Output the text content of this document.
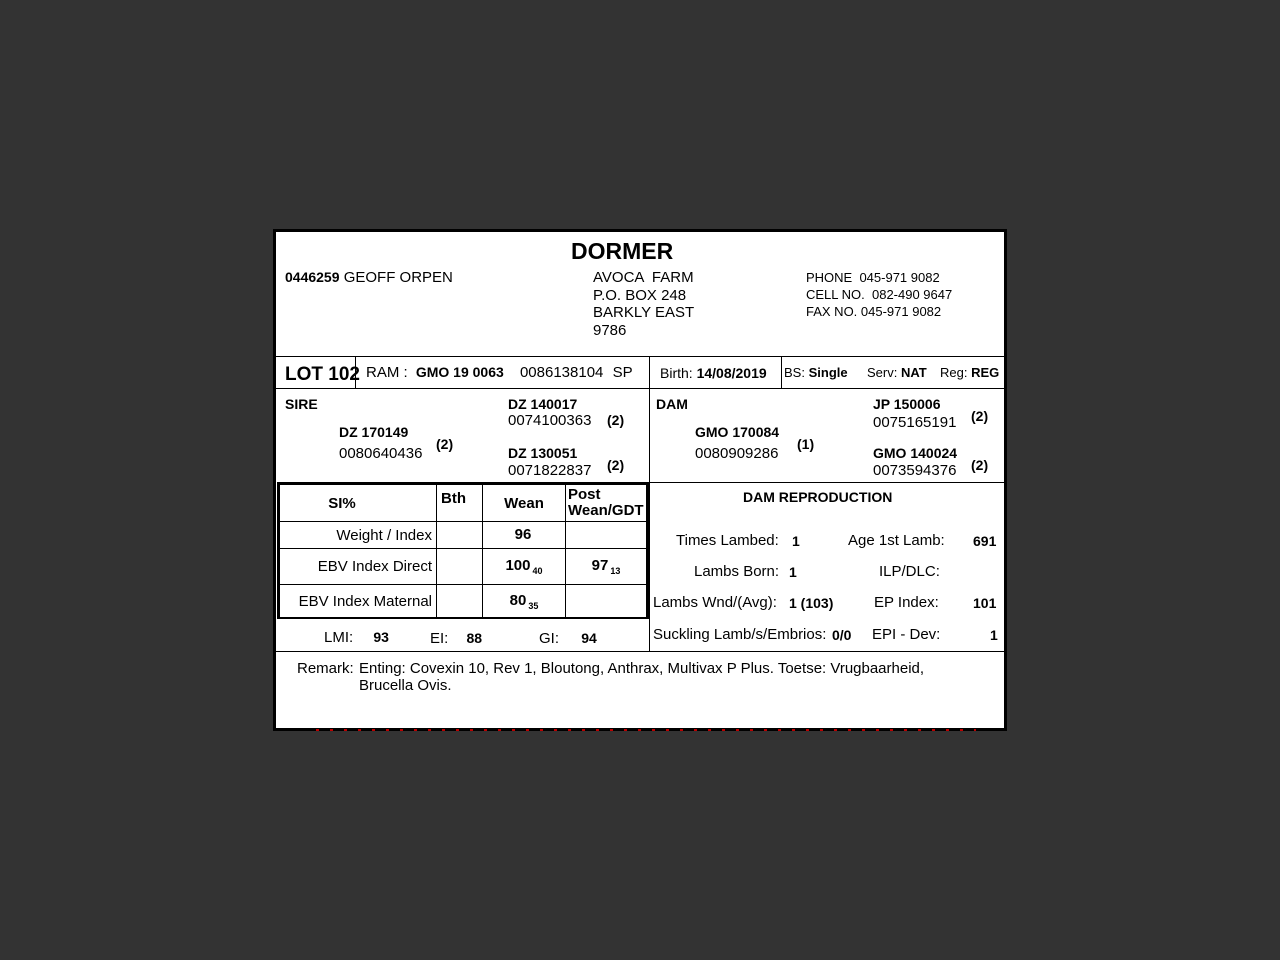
DORMER
0446259 GEOFF ORPEN	AVOCA  FARM
P.O. BOX 248
BARKLY EAST
9786
PHONE  045-971 9082
CELL NO.  082-490 9647
FAX NO. 045-971 9082
LOT 102 RAM : GMO 19 0063 0086138104 SP Birth: 14/08/2019 BS: Single Serv: NAT Reg: REG
SIRE
DZ 170149
0080640436
(2)
DZ 140017
0074100363 (2)
DZ 130051
0071822837 (2)
DAM
GMO 170084
0080909286
(1)
JP 150006
0075165191 (2)
GMO 140024
0073594376 (2)
SI%	Bth	Wean	Post Wean/GDT
Weight / Index		96	
EBV Index Direct		100 $_{40}$	97 $_{13}$
EBV Index Maternal		80 $_{35}$	
LMI: 93	EI: 88	GI: 94
DAM REPRODUCTION
Times Lambed: 1	Age 1st Lamb: 691
Lambs Born: 1	ILP/DLC:
Lambs Wnd/(Avg): 1 (103)	EP Index: 101
Suckling Lamb/s/Embrios: 0/0 EPI - Dev:	1
Remark: Enting: Covexin 10, Rev 1, Bloutong, Anthrax, Multivax P Plus. Toetse: Vrugbaarheid,
Brucella Ovis.
